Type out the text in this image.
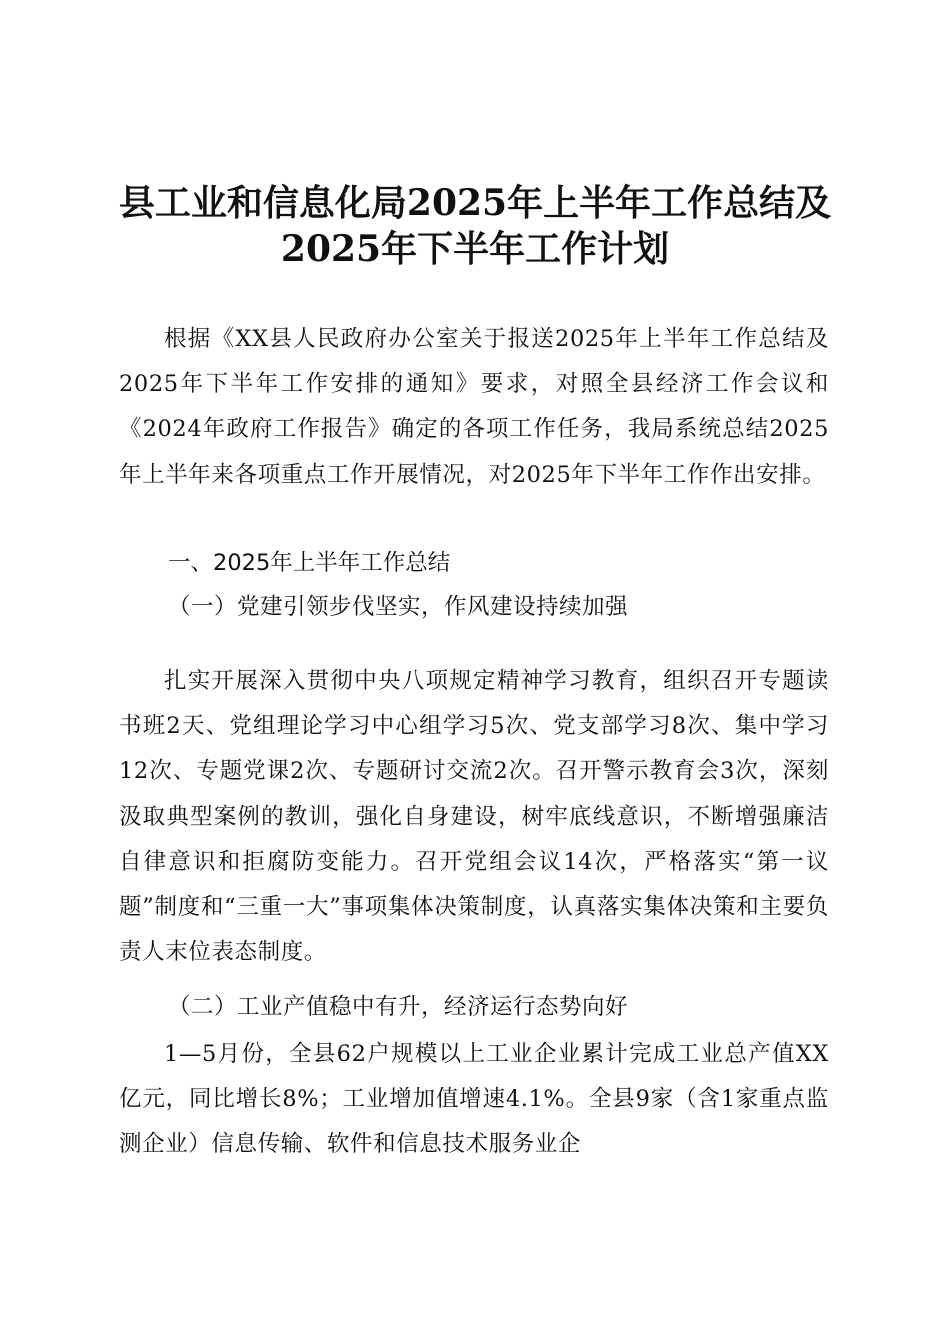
县工业和信息化局2025年上半年工作总结及
2025年下半年工作计划

根据《XX县人民政府办公室关于报送2025年上半年工作总结及2025年下半年工作安排的通知》要求，对照全县经济工作会议和《2024年政府工作报告》确定的各项工作任务，我局系统总结2025年上半年来各项重点工作开展情况，对2025年下半年工作作出安排。

一、2025年上半年工作总结
（一）党建引领步伐坚实，作风建设持续加强

扎实开展深入贯彻中央八项规定精神学习教育，组织召开专题读书班2天、党组理论学习中心组学习5次、党支部学习8次、集中学习12次、专题党课2次、专题研讨交流2次。召开警示教育会3次，深刻汲取典型案例的教训，强化自身建设，树牢底线意识，不断增强廉洁自律意识和拒腐防变能力。召开党组会议14次，严格落实“第一议题”制度和“三重一大”事项集体决策制度，认真落实集体决策和主要负责人末位表态制度。

（二）工业产值稳中有升，经济运行态势向好

1—5月份，全县62户规模以上工业企业累计完成工业总产值XX亿元，同比增长8%；工业增加值增速4.1%。全县9家（含1家重点监测企业）信息传输、软件和信息技术服务业企
